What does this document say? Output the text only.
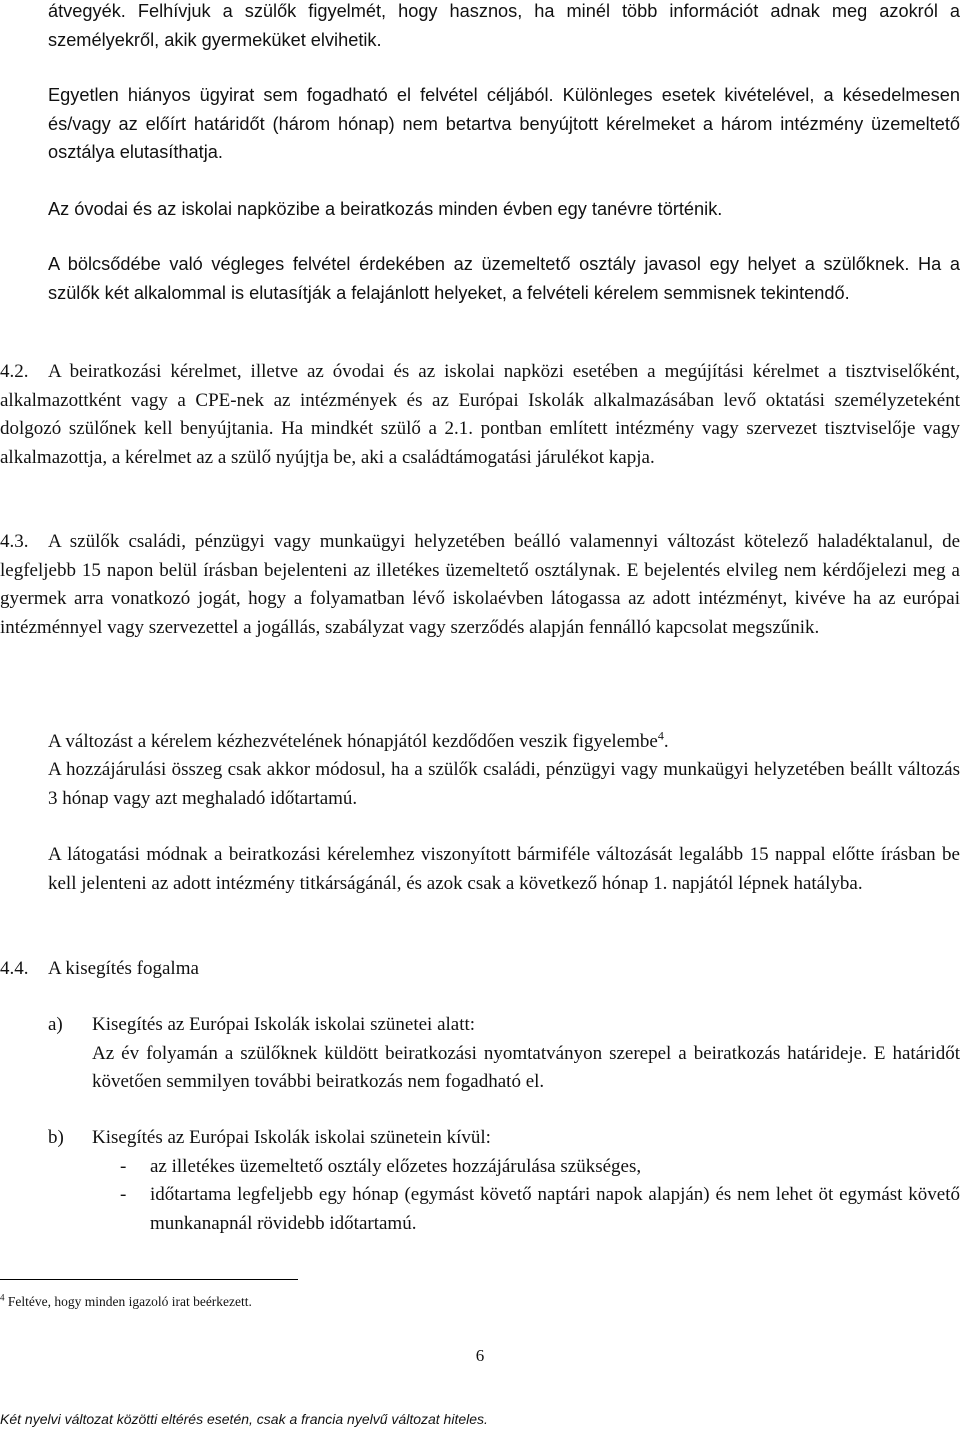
átvegyék. Felhívjuk a szülők figyelmét, hogy hasznos, ha minél több információt adnak meg azokról a személyekről, akik gyermeküket elvihetik.

Egyetlen hiányos ügyirat sem fogadható el felvétel céljából. Különleges esetek kivételével, a késedelmesen és/vagy az előírt határidőt (három hónap) nem betartva benyújtott kérelmeket a három intézmény üzemeltető osztálya elutasíthatja.

Az óvodai és az iskolai napközibe a beiratkozás minden évben egy tanévre történik.

A bölcsődébe való végleges felvétel érdekében az üzemeltető osztály javasol egy helyet a szülőknek. Ha a szülők két alkalommal is elutasítják a felajánlott helyeket, a felvételi kérelem semmisnek tekintendő.

4.2.	A beiratkozási kérelmet, illetve az óvodai és az iskolai napközi esetében a megújítási kérelmet a tisztviselőként, alkalmazottként vagy a CPE-nek az intézmények és az Európai Iskolák alkalmazásában levő oktatási személyzeteként dolgozó szülőnek kell benyújtania. Ha mindkét szülő a 2.1. pontban említett intézmény vagy szervezet tisztviselője vagy alkalmazottja, a kérelmet az a szülő nyújtja be, aki a családtámogatási járulékot kapja.

4.3.	A szülők családi, pénzügyi vagy munkaügyi helyzetében beálló valamennyi változást kötelező haladéktalanul, de legfeljebb 15 napon belül írásban bejelenteni az illetékes üzemeltető osztálynak. E bejelentés elvileg nem kérdőjelezi meg a gyermek arra vonatkozó jogát, hogy a folyamatban lévő iskolaévben látogassa az adott intézményt, kivéve ha az európai intézménnyel vagy szervezettel a jogállás, szabályzat vagy szerződés alapján fennálló kapcsolat megszűnik.

A változást a kérelem kézhezvételének hónapjától kezdődően veszik figyelembe$^4$.

A hozzájárulási összeg csak akkor módosul, ha a szülők családi, pénzügyi vagy munkaügyi helyzetében beállt változás 3 hónap vagy azt meghaladó időtartamú.

A látogatási módnak a beiratkozási kérelemhez viszonyított bármiféle változását legalább 15 nappal előtte írásban be kell jelenteni az adott intézmény titkárságánál, és azok csak a következő hónap 1. napjától lépnek hatályba.

4.4. A kisegítés fogalma
a) Kisegítés az Európai Iskolák iskolai szünetei alatt:
Az év folyamán a szülőknek küldött beiratkozási nyomtatványon szerepel a beiratkozás határideje. E határidőt követően semmilyen további beiratkozás nem fogadható el.
b) Kisegítés az Európai Iskolák iskolai szünetein kívül:
- az illetékes üzemeltető osztály előzetes hozzájárulása szükséges,
- időtartama legfeljebb egy hónap (egymást követő naptári napok alapján) és nem lehet öt egymást követő munkanapnál rövidebb időtartamú.
$^4$ Feltéve, hogy minden igazoló irat beérkezett.
6
Két nyelvi változat közötti eltérés esetén, csak a francia nyelvű változat hiteles.
